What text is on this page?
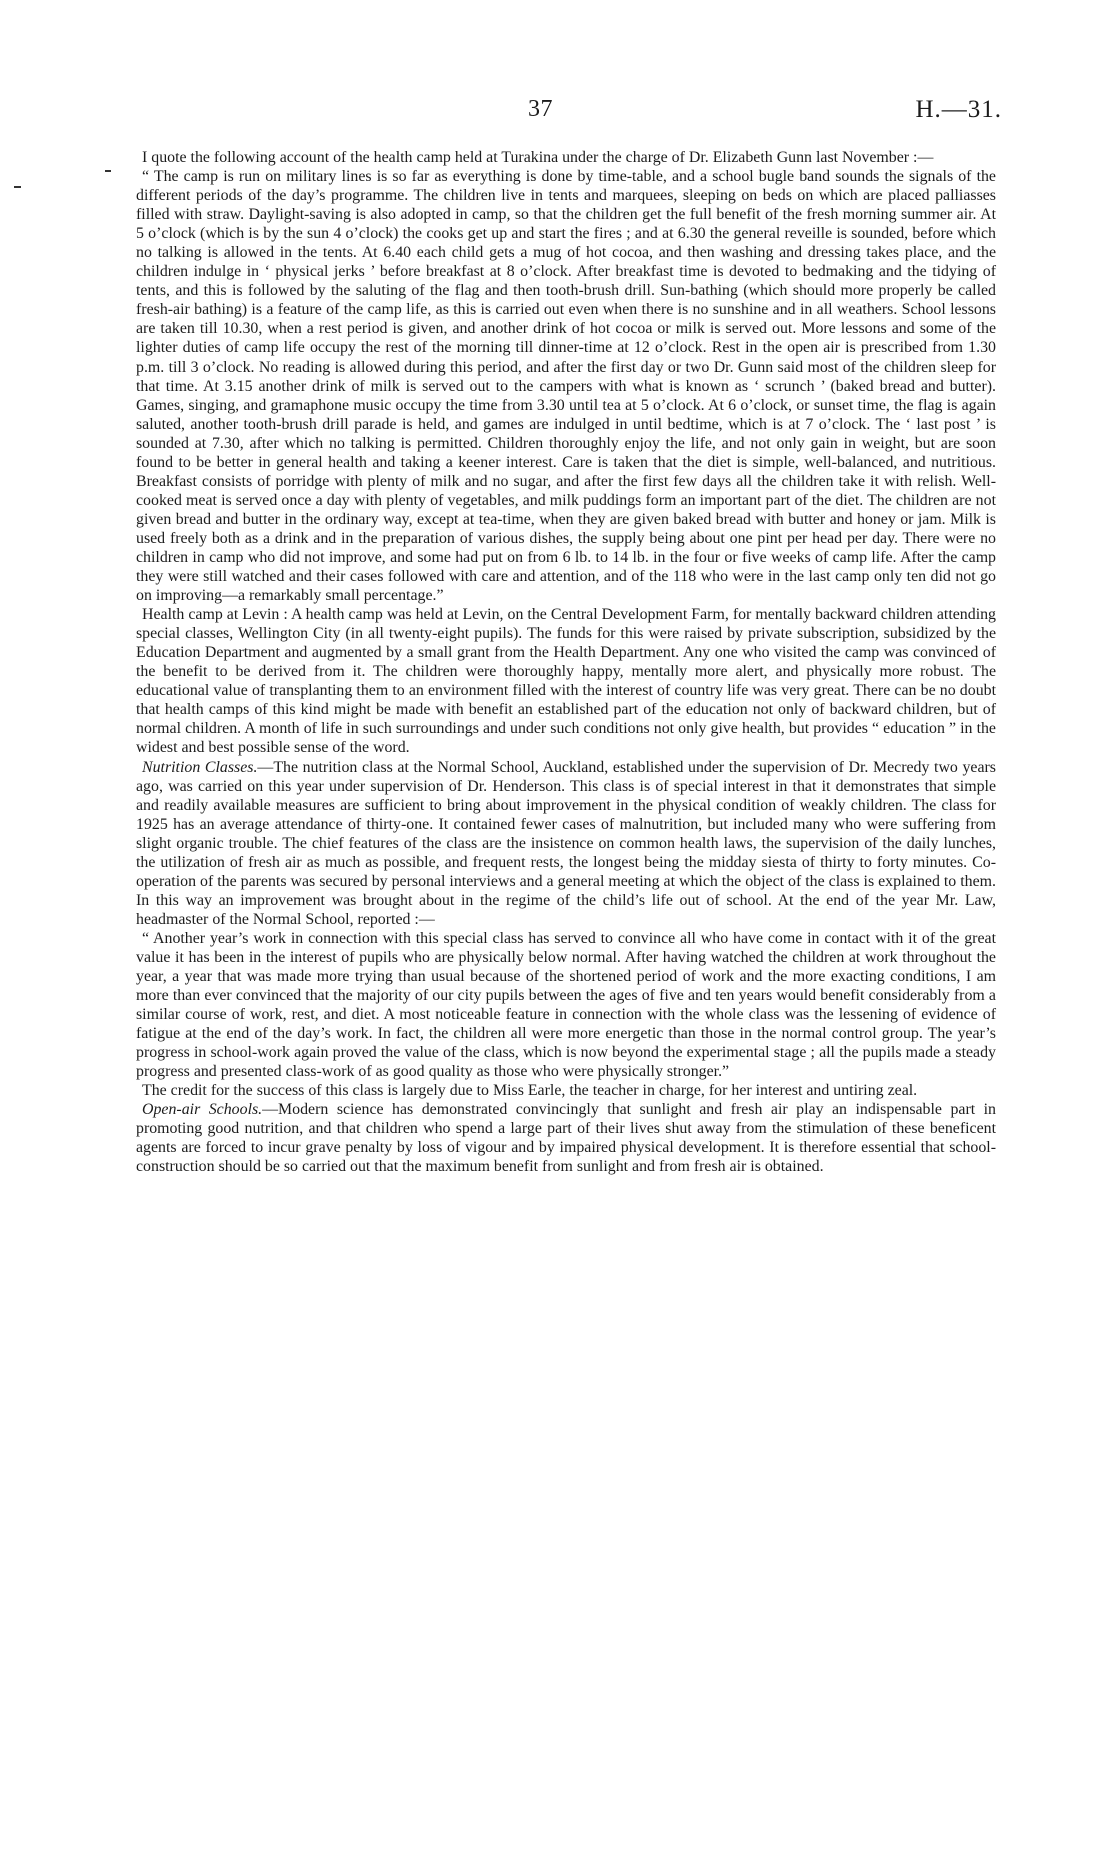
37	H.—31.

I quote the following account of the health camp held at Turakina under the charge of Dr. Elizabeth Gunn last November :—

“ The camp is run on military lines is so far as everything is done by time-table, and a school bugle band sounds the signals of the different periods of the day’s programme. The children live in tents and marquees, sleeping on beds on which are placed palliasses filled with straw. Daylight-saving is also adopted in camp, so that the children get the full benefit of the fresh morning summer air. At 5 o’clock (which is by the sun 4 o’clock) the cooks get up and start the fires ; and at 6.30 the general reveille is sounded, before which no talking is allowed in the tents. At 6.40 each child gets a mug of hot cocoa, and then washing and dressing takes place, and the children indulge in ‘ physical jerks ’ before breakfast at 8 o’clock. After breakfast time is devoted to bedmaking and the tidying of tents, and this is followed by the saluting of the flag and then tooth-brush drill. Sun-bathing (which should more properly be called fresh-air bathing) is a feature of the camp life, as this is carried out even when there is no sunshine and in all weathers. School lessons are taken till 10.30, when a rest period is given, and another drink of hot cocoa or milk is served out. More lessons and some of the lighter duties of camp life occupy the rest of the morning till dinner-time at 12 o’clock. Rest in the open air is prescribed from 1.30 p.m. till 3 o’clock. No reading is allowed during this period, and after the first day or two Dr. Gunn said most of the children sleep for that time. At 3.15 another drink of milk is served out to the campers with what is known as ‘ scrunch ’ (baked bread and butter). Games, singing, and gramaphone music occupy the time from 3.30 until tea at 5 o’clock. At 6 o’clock, or sunset time, the flag is again saluted, another tooth-brush drill parade is held, and games are indulged in until bedtime, which is at 7 o’clock. The ‘ last post ’ is sounded at 7.30, after which no talking is permitted. Children thoroughly enjoy the life, and not only gain in weight, but are soon found to be better in general health and taking a keener interest. Care is taken that the diet is simple, well-balanced, and nutritious. Breakfast consists of porridge with plenty of milk and no sugar, and after the first few days all the children take it with relish. Well-cooked meat is served once a day with plenty of vegetables, and milk puddings form an important part of the diet. The children are not given bread and butter in the ordinary way, except at tea-time, when they are given baked bread with butter and honey or jam. Milk is used freely both as a drink and in the preparation of various dishes, the supply being about one pint per head per day. There were no children in camp who did not improve, and some had put on from 6 lb. to 14 lb. in the four or five weeks of camp life. After the camp they were still watched and their cases followed with care and attention, and of the 118 who were in the last camp only ten did not go on improving—a remarkably small percentage.”

Health camp at Levin : A health camp was held at Levin, on the Central Development Farm, for mentally backward children attending special classes, Wellington City (in all twenty-eight pupils). The funds for this were raised by private subscription, subsidized by the Education Department and augmented by a small grant from the Health Department. Any one who visited the camp was convinced of the benefit to be derived from it. The children were thoroughly happy, mentally more alert, and physically more robust. The educational value of transplanting them to an environment filled with the interest of country life was very great. There can be no doubt that health camps of this kind might be made with benefit an established part of the education not only of backward children, but of normal children. A month of life in such surroundings and under such conditions not only give health, but provides “ education ” in the widest and best possible sense of the word.

Nutrition Classes.—The nutrition class at the Normal School, Auckland, established under the supervision of Dr. Mecredy two years ago, was carried on this year under supervision of Dr. Henderson. This class is of special interest in that it demonstrates that simple and readily available measures are sufficient to bring about improvement in the physical condition of weakly children. The class for 1925 has an average attendance of thirty-one. It contained fewer cases of malnutrition, but included many who were suffering from slight organic trouble. The chief features of the class are the insistence on common health laws, the supervision of the daily lunches, the utilization of fresh air as much as possible, and frequent rests, the longest being the midday siesta of thirty to forty minutes. Co-operation of the parents was secured by personal interviews and a general meeting at which the object of the class is explained to them. In this way an improvement was brought about in the regime of the child’s life out of school. At the end of the year Mr. Law, headmaster of the Normal School, reported :—

“ Another year’s work in connection with this special class has served to convince all who have come in contact with it of the great value it has been in the interest of pupils who are physically below normal. After having watched the children at work throughout the year, a year that was made more trying than usual because of the shortened period of work and the more exacting conditions, I am more than ever convinced that the majority of our city pupils between the ages of five and ten years would benefit considerably from a similar course of work, rest, and diet. A most noticeable feature in connection with the whole class was the lessening of evidence of fatigue at the end of the day’s work. In fact, the children all were more energetic than those in the normal control group. The year’s progress in school-work again proved the value of the class, which is now beyond the experimental stage ; all the pupils made a steady progress and presented class-work of as good quality as those who were physically stronger.”

The credit for the success of this class is largely due to Miss Earle, the teacher in charge, for her interest and untiring zeal.

Open-air Schools.—Modern science has demonstrated convincingly that sunlight and fresh air play an indispensable part in promoting good nutrition, and that children who spend a large part of their lives shut away from the stimulation of these beneficent agents are forced to incur grave penalty by loss of vigour and by impaired physical development. It is therefore essential that school-construction should be so carried out that the maximum benefit from sunlight and from fresh air is obtained.
